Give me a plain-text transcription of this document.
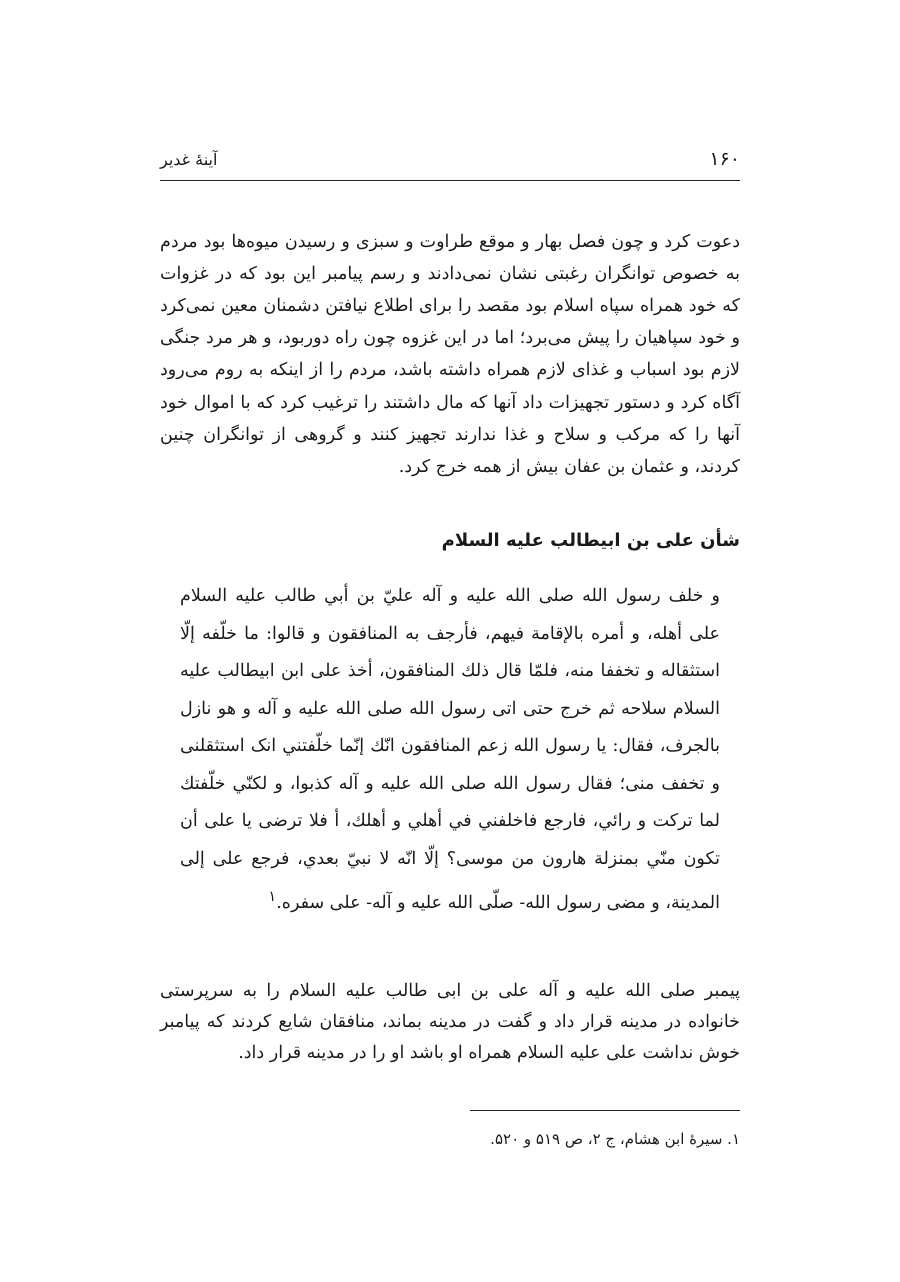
۱۶۰
آینهٔ غدیر

دعوت کرد و چون فصل بهار و موقع طراوت و سبزی و رسیدن میوه‌ها بود مردم به خصوص توانگران رغبتی نشان نمی‌دادند و رسم پیامبر این بود که در غزوات که خود همراه سپاه اسلام بود مقصد را برای اطلاع نیافتن دشمنان معین نمی‌کرد و خود سپاهیان را پیش می‌برد؛ اما در این غزوه چون راه دوربود، و هر مرد جنگی لازم بود اسباب و غذای لازم همراه داشته باشد، مردم را از اینکه به روم می‌رود آگاه کرد و دستور تجهیزات داد آنها که مال داشتند را ترغیب کرد که با اموال خود آنها را که مرکب و سلاح و غذا ندارند تجهیز کنند و گروهی از توانگران چنین کردند، و عثمان بن عفان بیش از همه خرج کرد.

شأن علی بن ابیطالب علیه السلام
و خلف رسول الله صلی الله علیه و آله عليّ بن أبي طالب علیه السلام على أهله، و أمره بالإقامة فيهم، فأرجف به المنافقون و قالوا: ما خلّفه إلّا استثقاله و تخففا منه، فلمّا قال ذلك المنافقون، أخذ على ابن ابيطالب علیه السلام سلاحه ثم خرج حتى اتى رسول الله صلی الله علیه و آله و هو نازل بالجرف، فقال: يا رسول الله زعم المنافقون انّك إنّما خلّفتني انک استثقلنی و تخفف منی؛ فقال رسول الله صلی الله علیه و آله كذبوا، و لكنّي خلّفتك لما تركت و رائي، فارجع فاخلفني في أهلي و أهلك، أ فلا ترضى يا على أن تكون منّي بمنزلة هارون من موسى؟ إلّا انّه لا نبيّ بعدي، فرجع على إلى المدينة، و مضى رسول الله- صلّى الله عليه و آله- على سفره.$^۱$

پیمبر صلی الله علیه و آله علی بن ابی طالب علیه السلام را به سرپرستی خانواده در مدینه قرار داد و گفت در مدینه بماند، منافقان شایع کردند که پیامبر خوش نداشت علی علیه السلام همراه او باشد او را در مدینه قرار داد.

۱. سیرهٔ ابن هشام، ج ۲، ص ۵۱۹ و ۵۲۰.
